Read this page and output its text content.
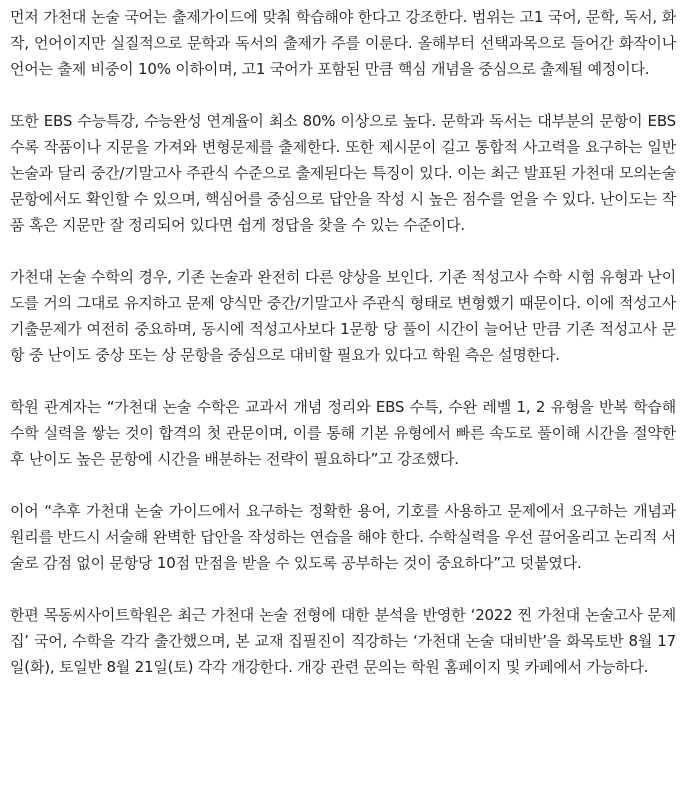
먼저 가천대 논술 국어는 출제가이드에 맞춰 학습해야 한다고 강조한다. 범위는 고1 국어, 문학, 독서, 화작, 언어이지만 실질적으로 문학과 독서의 출제가 주를 이룬다. 올해부터 선택과목으로 들어간 화작이나 언어는 출제 비중이 10% 이하이며, 고1 국어가 포함된 만큼 핵심 개념을 중심으로 출제될 예정이다.

또한 EBS 수능특강, 수능완성 연계율이 최소 80% 이상으로 높다. 문학과 독서는 대부분의 문항이 EBS 수록 작품이나 지문을 가져와 변형문제를 출제한다. 또한 제시문이 길고 통합적 사고력을 요구하는 일반 논술과 달리 중간/기말고사 주관식 수준으로 출제된다는 특징이 있다. 이는 최근 발표된 가천대 모의논술 문항에서도 확인할 수 있으며, 핵심어를 중심으로 답안을 작성 시 높은 점수를 얻을 수 있다. 난이도는 작품 혹은 지문만 잘 정리되어 있다면 쉽게 정답을 찾을 수 있는 수준이다.

가천대 논술 수학의 경우, 기존 논술과 완전히 다른 양상을 보인다. 기존 적성고사 수학 시험 유형과 난이도를 거의 그대로 유지하고 문제 양식만 중간/기말고사 주관식 형태로 변형했기 때문이다. 이에 적성고사 기출문제가 여전히 중요하며, 동시에 적성고사보다 1문항 당 풀이 시간이 늘어난 만큼 기존 적성고사 문항 중 난이도 중상 또는 상 문항을 중심으로 대비할 필요가 있다고 학원 측은 설명한다.

학원 관계자는 “가천대 논술 수학은 교과서 개념 정리와 EBS 수특, 수완 레벨 1, 2 유형을 반복 학습해 수학 실력을 쌓는 것이 합격의 첫 관문이며, 이를 통해 기본 유형에서 빠른 속도로 풀이해 시간을 절약한 후 난이도 높은 문항에 시간을 배분하는 전략이 필요하다”고 강조했다.

이어 “추후 가천대 논술 가이드에서 요구하는 정확한 용어, 기호를 사용하고 문제에서 요구하는 개념과 원리를 반드시 서술해 완벽한 답안을 작성하는 연습을 해야 한다. 수학실력을 우선 끌어올리고 논리적 서술로 감점 없이 문항당 10점 만점을 받을 수 있도록 공부하는 것이 중요하다”고 덧붙였다.

한편 목동씨사이트학원은 최근 가천대 논술 전형에 대한 분석을 반영한 ‘2022 찐 가천대 논술고사 문제집’ 국어, 수학을 각각 출간했으며, 본 교재 집필진이 직강하는 ‘가천대 논술 대비반’을 화목토반 8월 17일(화), 토일반 8월 21일(토) 각각 개강한다. 개강 관련 문의는 학원 홈페이지 및 카페에서 가능하다.
